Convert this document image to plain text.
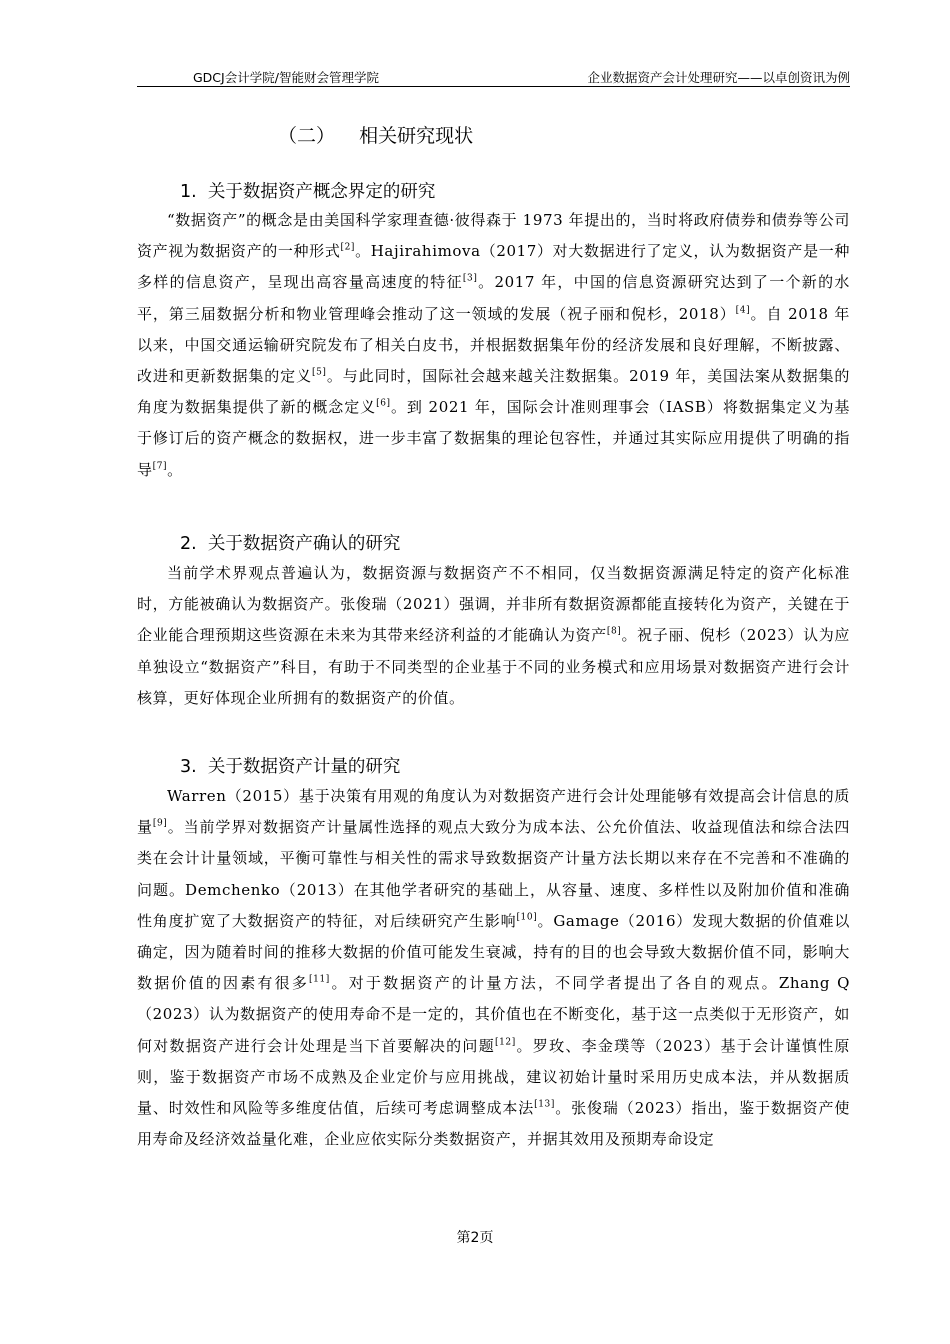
GDCJ会计学院/智能财会管理学院	企业数据资产会计处理研究——以卓创资讯为例
（二）    相关研究现状
1.  关于数据资产概念界定的研究

“数据资产”的概念是由美国科学家理查德·彼得森于 1973 年提出的，当时将政府债券和债券等公司资产视为数据资产的一种形式[2]。Hajirahimova（2017）对大数据进行了定义，认为数据资产是一种多样的信息资产，呈现出高容量高速度的特征[3]。2017 年，中国的信息资源研究达到了一个新的水平，第三届数据分析和物业管理峰会推动了这一领域的发展（祝子丽和倪杉，2018）[4]。自 2018 年以来，中国交通运输研究院发布了相关白皮书，并根据数据集年份的经济发展和良好理解，不断披露、改进和更新数据集的定义[5]。与此同时，国际社会越来越关注数据集。2019 年，美国法案从数据集的角度为数据集提供了新的概念定义[6]。到 2021 年，国际会计准则理事会（IASB）将数据集定义为基于修订后的资产概念的数据权，进一步丰富了数据集的理论包容性，并通过其实际应用提供了明确的指导[7]。

2.  关于数据资产确认的研究

当前学术界观点普遍认为，数据资源与数据资产不不相同，仅当数据资源满足特定的资产化标准时，方能被确认为数据资产。张俊瑞（2021）强调，并非所有数据资源都能直接转化为资产，关键在于企业能合理预期这些资源在未来为其带来经济利益的才能确认为资产[8]。祝子丽、倪杉（2023）认为应单独设立“数据资产”科目，有助于不同类型的企业基于不同的业务模式和应用场景对数据资产进行会计核算，更好体现企业所拥有的数据资产的价值。

3.  关于数据资产计量的研究

Warren（2015）基于决策有用观的角度认为对数据资产进行会计处理能够有效提高会计信息的质量[9]。当前学界对数据资产计量属性选择的观点大致分为成本法、公允价值法、收益现值法和综合法四类在会计计量领域，平衡可靠性与相关性的需求导致数据资产计量方法长期以来存在不完善和不准确的问题。Demchenko（2013）在其他学者研究的基础上，从容量、速度、多样性以及附加价值和准确性角度扩宽了大数据资产的特征，对后续研究产生影响[10]。Gamage（2016）发现大数据的价值难以确定，因为随着时间的推移大数据的价值可能发生衰减，持有的目的也会导致大数据价值不同，影响大数据价值的因素有很多[11]。对于数据资产的计量方法，不同学者提出了各自的观点。Zhang Q（2023）认为数据资产的使用寿命不是一定的，其价值也在不断变化，基于这一点类似于无形资产，如何对数据资产进行会计处理是当下首要解决的问题[12]。罗玫、李金璞等（2023）基于会计谨慎性原则，鉴于数据资产市场不成熟及企业定价与应用挑战，建议初始计量时采用历史成本法，并从数据质量、时效性和风险等多维度估值，后续可考虑调整成本法[13]。张俊瑞（2023）指出，鉴于数据资产使用寿命及经济效益量化难，企业应依实际分类数据资产，并据其效用及预期寿命设定

第2页
